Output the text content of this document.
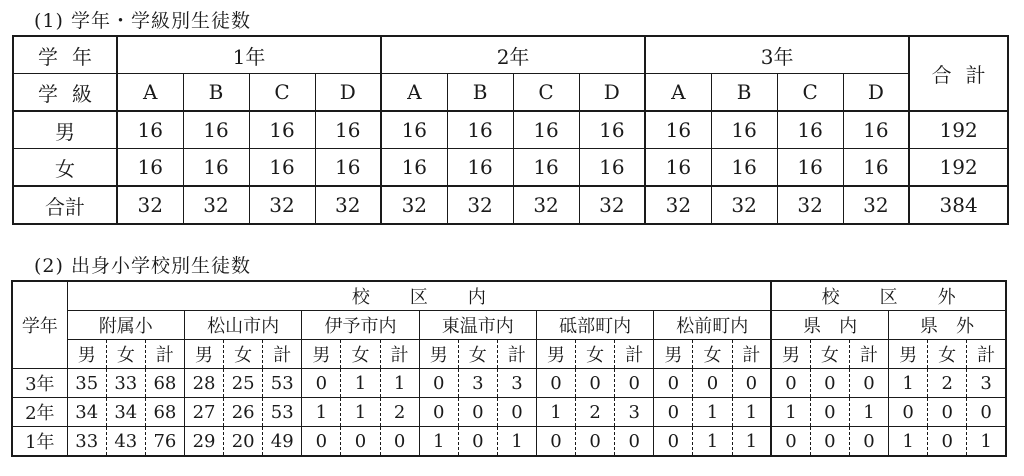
(1) 学年・学級別生徒数
学年	1年				2年				3年				合計
学級	A	B	C	D	A	B	C	D	A	B	C	D	
男	16	16	16	16	16	16	16	16	16	16	16	16	192
女	16	16	16	16	16	16	16	16	16	16	16	16	192
合計	32	32	32	32	32	32	32	32	32	32	32	32	384
(2) 出身小学校別生徒数
学年	校区内																		校区外					
	附属小			松山市内			伊予市内			東温市内			砥部町内			松前町内			県内			県外		
	男	女	計	男	女	計	男	女	計	男	女	計	男	女	計	男	女	計	男	女	計	男	女	計
3年	35	33	68	28	25	53	0	1	1	0	3	3	0	0	0	0	0	0	0	0	0	1	2	3
2年	34	34	68	27	26	53	1	1	2	0	0	0	1	2	3	0	1	1	1	0	1	0	0	0
1年	33	43	76	29	20	49	0	0	0	1	0	1	0	0	0	0	1	1	0	0	0	1	0	1
